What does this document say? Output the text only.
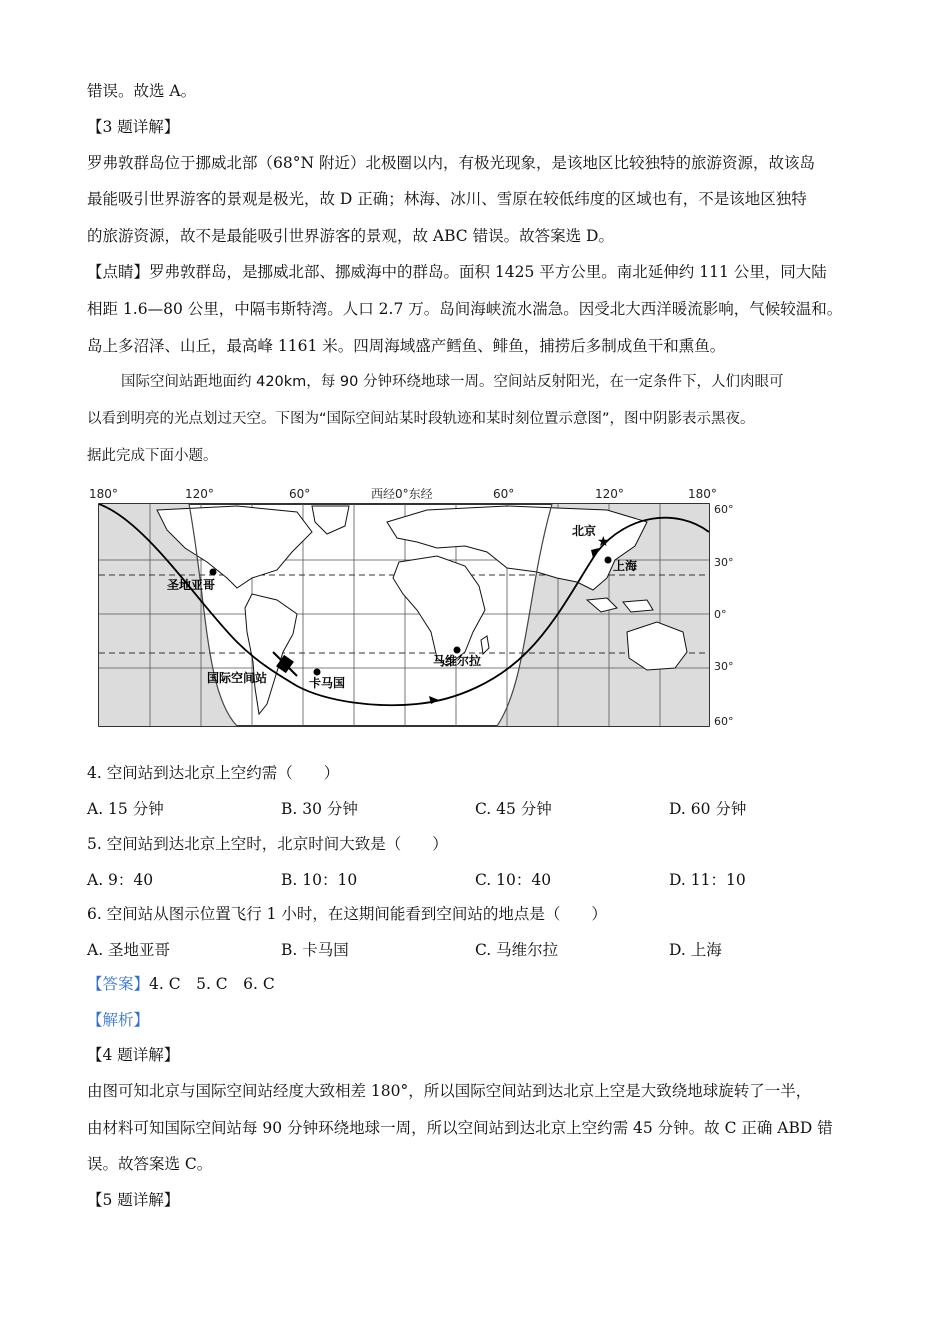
错误。故选 A。
【3 题详解】
罗弗敦群岛位于挪威北部（68°N 附近）北极圈以内，有极光现象，是该地区比较独特的旅游资源，故该岛
最能吸引世界游客的景观是极光，故 D 正确；林海、冰川、雪原在较低纬度的区域也有，不是该地区独特
的旅游资源，故不是最能吸引世界游客的景观，故 ABC 错误。故答案选 D。
【点睛】罗弗敦群岛，是挪威北部、挪威海中的群岛。面积 1425 平方公里。南北延伸约 111 公里，同大陆
相距 1.6—80 公里，中隔韦斯特湾。人口 2.7 万。岛间海峡流水湍急。因受北大西洋暖流影响，气候较温和。
岛上多沼泽、山丘，最高峰 1161 米。四周海域盛产鳕鱼、鲱鱼，捕捞后多制成鱼干和熏鱼。
国际空间站距地面约 420km，每 90 分钟环绕地球一周。空间站反射阳光，在一定条件下，人们肉眼可
以看到明亮的光点划过天空。下图为“国际空间站某时段轨迹和某时刻位置示意图”，图中阴影表示黑夜。
据此完成下面小题。
180°	120°	60°	西经0°东经	60°	120°	180°
60°
30°
0°
30°
60°
圣地亚哥
国际空间站	卡马国
马维尔拉
★
北京
上海
4. 空间站到达北京上空约需（　　）
A. 15 分钟	B. 30 分钟	C. 45 分钟	D. 60 分钟
5. 空间站到达北京上空时，北京时间大致是（　　）
A. 9：40	B. 10：10	C. 10：40	D. 11：10
6. 空间站从图示位置飞行 1 小时，在这期间能看到空间站的地点是（　　）
A. 圣地亚哥	B. 卡马国	C. 马维尔拉	D. 上海
【答案】4. C　5. C　6. C
【解析】
【4 题详解】
由图可知北京与国际空间站经度大致相差 180°，所以国际空间站到达北京上空是大致绕地球旋转了一半，
由材料可知国际空间站每 90 分钟环绕地球一周，所以空间站到达北京上空约需 45 分钟。故 C 正确 ABD 错
误。故答案选 C。
【5 题详解】
